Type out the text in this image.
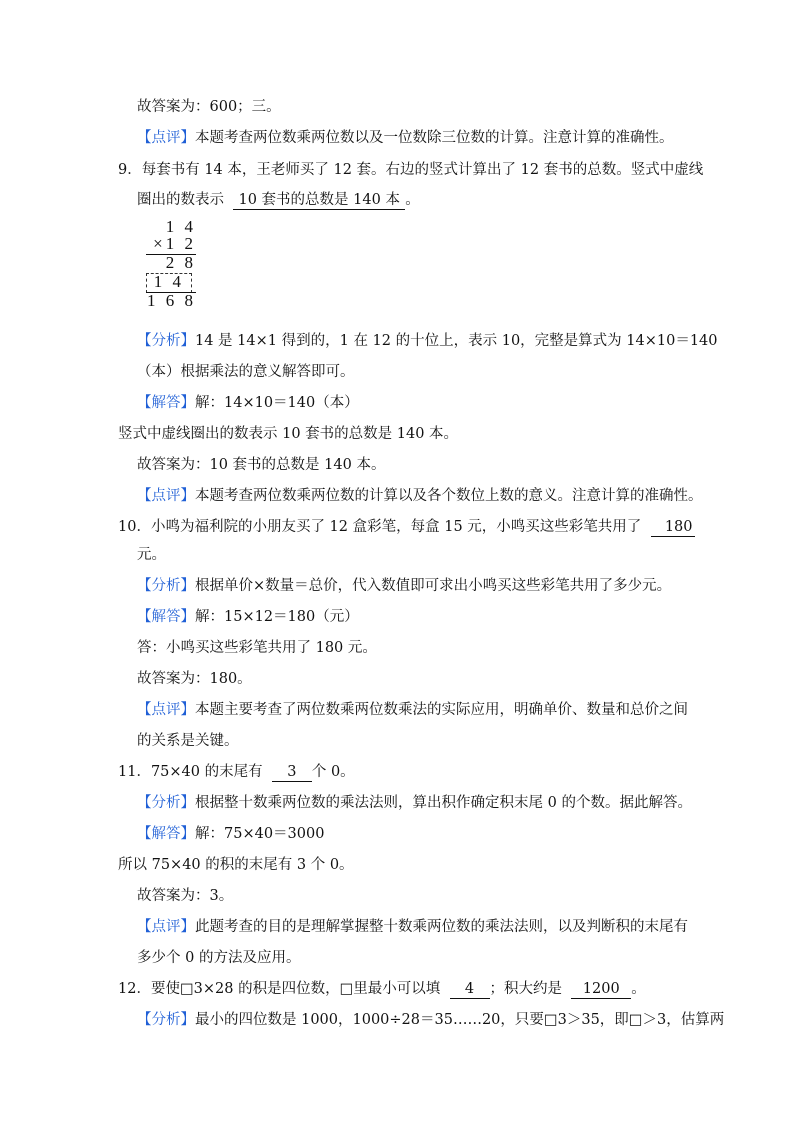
故答案为：600；三。
【点评】本题考查两位数乘两位数以及一位数除三位数的计算。注意计算的准确性。
9．每套书有 14 本，王老师买了 12 套。右边的竖式计算出了 12 套书的总数。竖式中虚线
圈出的数表示 10 套书的总数是 140 本 。
1 4
×1 2
2 8
1 4
1 6 8
【分析】14 是 14×1 得到的，1 在 12 的十位上，表示 10，完整是算式为 14×10＝140
（本）根据乘法的意义解答即可。
【解答】解：14×10＝140（本）
竖式中虚线圈出的数表示 10 套书的总数是 140 本。
故答案为：10 套书的总数是 140 本。
【点评】本题考查两位数乘两位数的计算以及各个数位上数的意义。注意计算的准确性。
10．小鸣为福利院的小朋友买了 12 盒彩笔，每盒 15 元，小鸣买这些彩笔共用了 180
元。
【分析】根据单价×数量＝总价，代入数值即可求出小鸣买这些彩笔共用了多少元。
【解答】解：15×12＝180（元）
答：小鸣买这些彩笔共用了 180 元。
故答案为：180。
【点评】本题主要考查了两位数乘两位数乘法的实际应用，明确单价、数量和总价之间
的关系是关键。
11．75×40 的末尾有 3 个 0。
【分析】根据整十数乘两位数的乘法法则，算出积作确定积末尾 0 的个数。据此解答。
【解答】解：75×40＝3000
所以 75×40 的积的末尾有 3 个 0。
故答案为：3。
【点评】此题考查的目的是理解掌握整十数乘两位数的乘法法则，以及判断积的末尾有
多少个 0 的方法及应用。
12．要使□3×28 的积是四位数，□里最小可以填 4 ；积大约是 1200 。
【分析】最小的四位数是 1000，1000÷28＝35……20，只要□3＞35，即□＞3，估算两
